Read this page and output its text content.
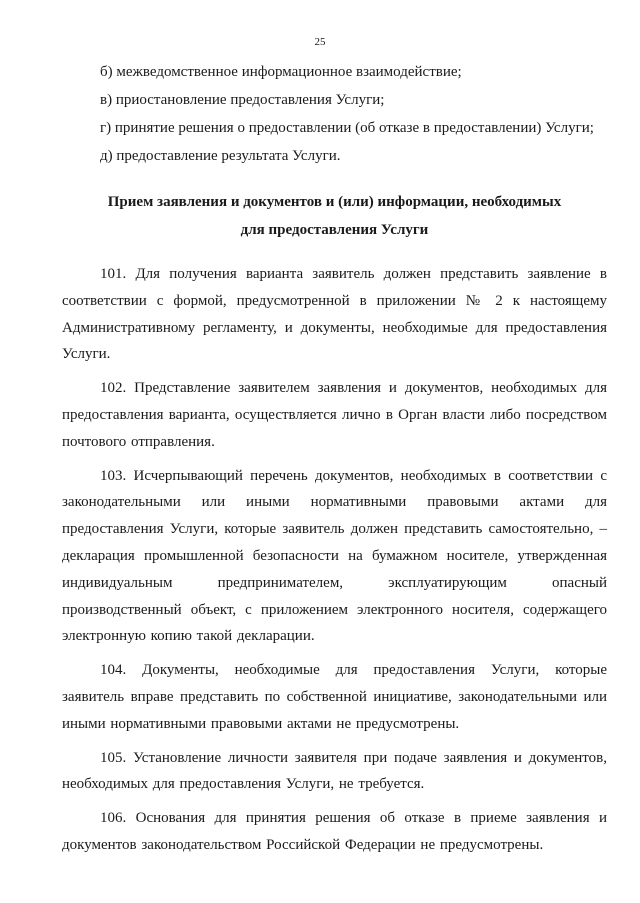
25
б) межведомственное информационное взаимодействие;
в) приостановление предоставления Услуги;
г) принятие решения о предоставлении (об отказе в предоставлении) Услуги;
д) предоставление результата Услуги.
Прием заявления и документов и (или) информации, необходимых
для предоставления Услуги

101. Для получения варианта заявитель должен представить заявление в соответствии с формой, предусмотренной в приложении № 2 к настоящему Административному регламенту, и документы, необходимые для предоставления Услуги.

102. Представление заявителем заявления и документов, необходимых для предоставления варианта, осуществляется лично в Орган власти либо посредством почтового отправления.

103. Исчерпывающий перечень документов, необходимых в соответствии с законодательными или иными нормативными правовыми актами для предоставления Услуги, которые заявитель должен представить самостоятельно, – декларация промышленной безопасности на бумажном носителе, утвержденная индивидуальным предпринимателем, эксплуатирующим опасный производственный объект, с приложением электронного носителя, содержащего электронную копию такой декларации.

104. Документы, необходимые для предоставления Услуги, которые заявитель вправе представить по собственной инициативе, законодательными или иными нормативными правовыми актами не предусмотрены.

105. Установление личности заявителя при подаче заявления и документов, необходимых для предоставления Услуги, не требуется.

106. Основания для принятия решения об отказе в приеме заявления и документов законодательством Российской Федерации не предусмотрены.
